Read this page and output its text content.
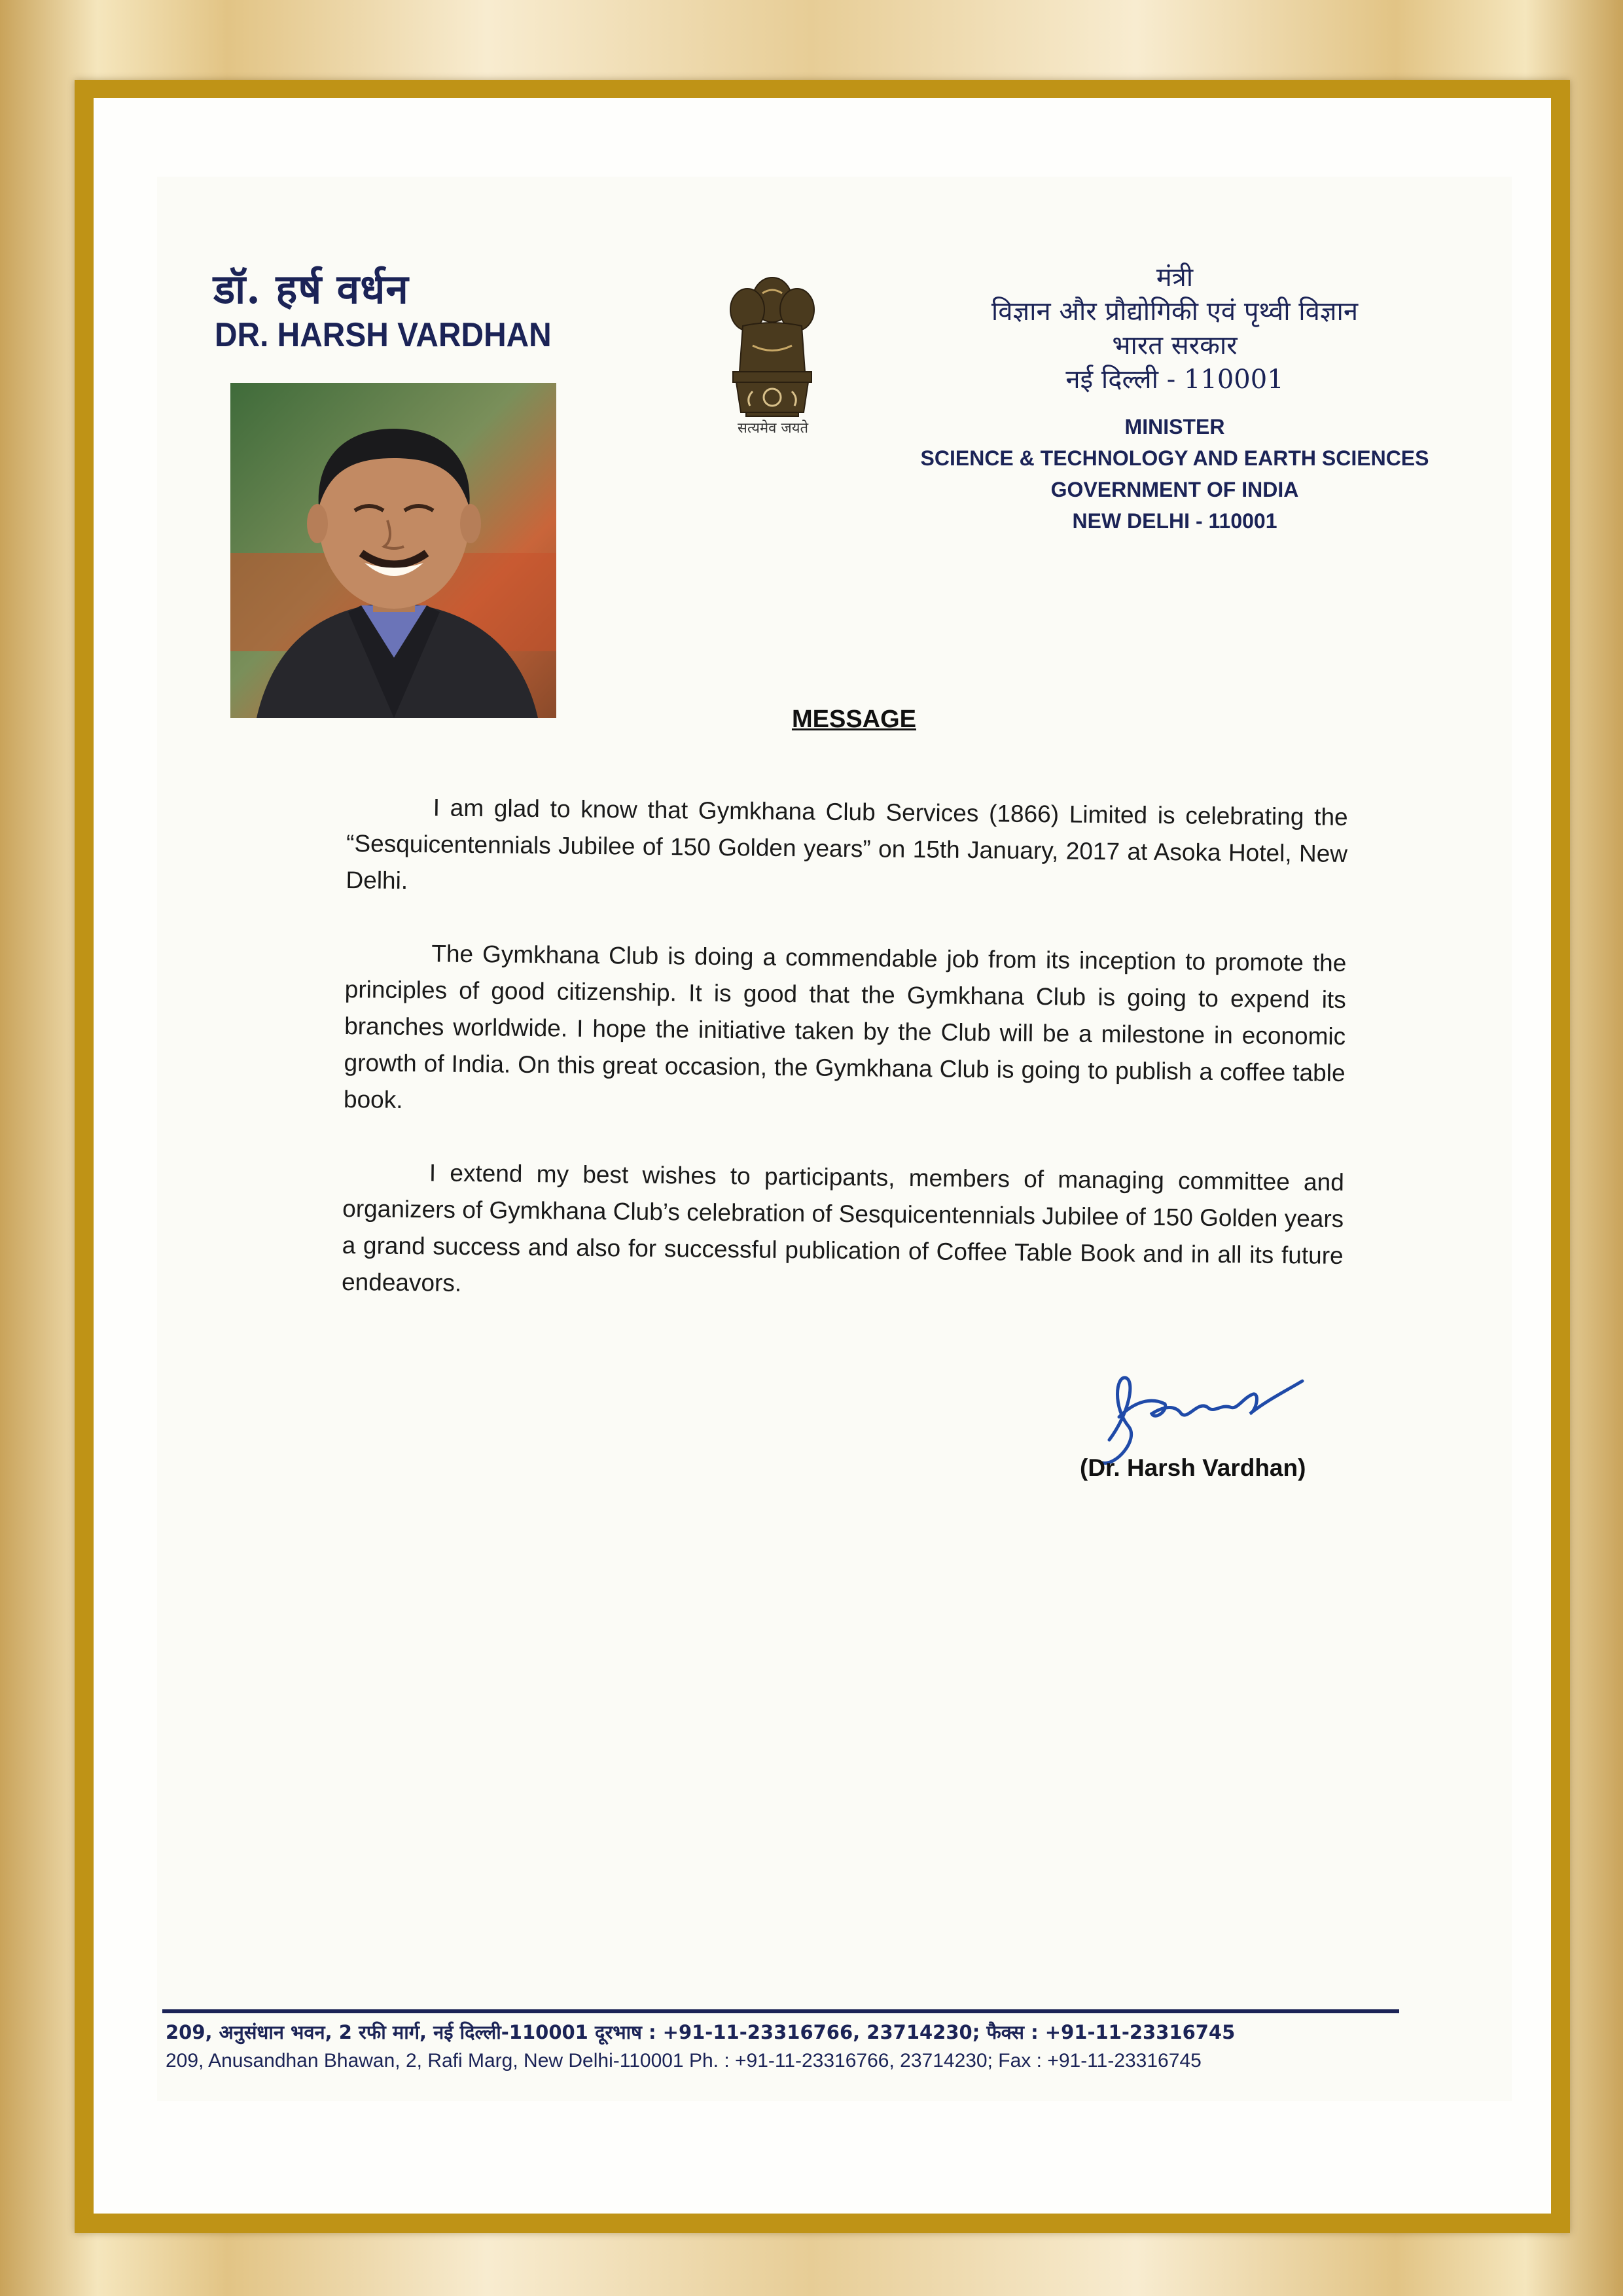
डॉ. हर्ष वर्धन
DR. HARSH VARDHAN
सत्यमेव जयते
मंत्री
विज्ञान और प्रौद्योगिकी एवं पृथ्वी विज्ञान
भारत सरकार
नई दिल्ली - 110001
MINISTER
SCIENCE & TECHNOLOGY AND EARTH SCIENCES
GOVERNMENT OF INDIA
NEW DELHI - 110001
MESSAGE

I am glad to know that Gymkhana Club Services (1866) Limited is celebrating the “Sesquicentennials Jubilee of 150 Golden years” on 15th January, 2017 at Asoka Hotel, New Delhi.

The Gymkhana Club is doing a commendable job from its inception to promote the principles of good citizenship. It is good that the Gymkhana Club is going to expend its branches worldwide. I hope the initiative taken by the Club will be a milestone in economic growth of India. On this great occasion, the Gymkhana Club is going to publish a coffee table book.

I extend my best wishes to participants, members of managing committee and organizers of Gymkhana Club’s celebration of Sesquicentennials Jubilee of 150 Golden years a grand success and also for successful publication of Coffee Table Book and in all its future endeavors.

(Dr. Harsh Vardhan)
209, अनुसंधान भवन, 2 रफी मार्ग, नई दिल्ली-110001 दूरभाष : +91-11-23316766, 23714230; फैक्स : +91-11-23316745
209, Anusandhan Bhawan, 2, Rafi Marg, New Delhi-110001 Ph. : +91-11-23316766, 23714230; Fax : +91-11-23316745
